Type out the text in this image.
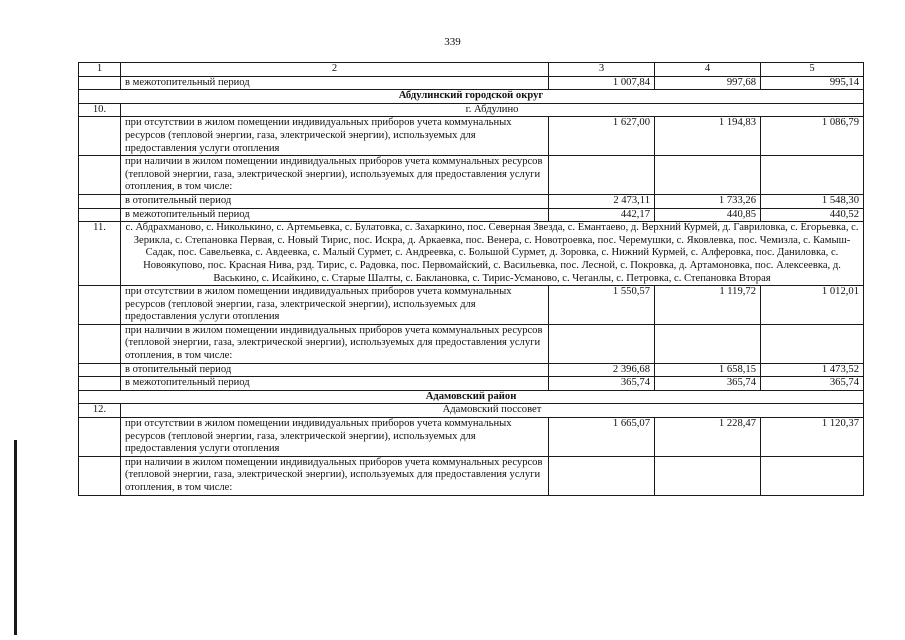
339
1	2	3	4	5
	в межотопительный период	1 007,84	997,68	995,14
Абдулинский городской округ				
10.	г. Абдулино			
	при отсутствии в жилом помещении индивидуальных приборов учета коммунальных ресурсов (тепловой энергии, газа, электрической энергии), используемых для предоставления услуги отопления	1 627,00	1 194,83	1 086,79
	при наличии в жилом помещении индивидуальных приборов учета коммунальных ресурсов (тепловой энергии, газа, электрической энергии), используемых для предоставления услуги отопления, в том числе:			
	в отопительный период	2 473,11	1 733,26	1 548,30
	в межотопительный период	442,17	440,85	440,52
11.	с. Абдрахманово, с. Николькино, с. Артемьевка, с. Булатовка, с. Захаркино, пос. Северная Звезда, с. Емантаево, д. Верхний Курмей, д. Гавриловка, с. Егорьевка, с. Зерикла, с. Степановка Первая, с. Новый Тирис, пос. Искра, д. Аркаевка, пос. Венера, с. Новотроевка, пос. Черемушки, с. Яковлевка, пос. Чемизла, с. Камыш-Садак, пос. Савельевка, с. Авдеевка, с. Малый Сурмет, с. Андреевка, с. Большой Сурмет, д. Зоровка, с. Нижний Курмей, с. Алферовка, пос. Даниловка, с. Новоякупово, пос. Красная Нива, рзд. Тирис, с. Радовка, пос. Первомайский, с. Васильевка, пос. Лесной, с. Покровка, д. Артамоновка, пос. Алексеевка, д. Васькино, с. Исайкино, с. Старые Шалты, с. Баклановка, с. Тирис-Усманово, с. Чеганлы, с. Петровка, с. Степановка Вторая			
	при отсутствии в жилом помещении индивидуальных приборов учета коммунальных ресурсов (тепловой энергии, газа, электрической энергии), используемых для предоставления услуги отопления	1 550,57	1 119,72	1 012,01
	при наличии в жилом помещении индивидуальных приборов учета коммунальных ресурсов (тепловой энергии, газа, электрической энергии), используемых для предоставления услуги отопления, в том числе:			
	в отопительный период	2 396,68	1 658,15	1 473,52
	в межотопительный период	365,74	365,74	365,74
Адамовский район				
12.	Адамовский поссовет			
	при отсутствии в жилом помещении индивидуальных приборов учета коммунальных ресурсов (тепловой энергии, газа, электрической энергии), используемых для предоставления услуги отопления	1 665,07	1 228,47	1 120,37
	при наличии в жилом помещении индивидуальных приборов учета коммунальных ресурсов (тепловой энергии, газа, электрической энергии), используемых для предоставления услуги отопления, в том числе:			
